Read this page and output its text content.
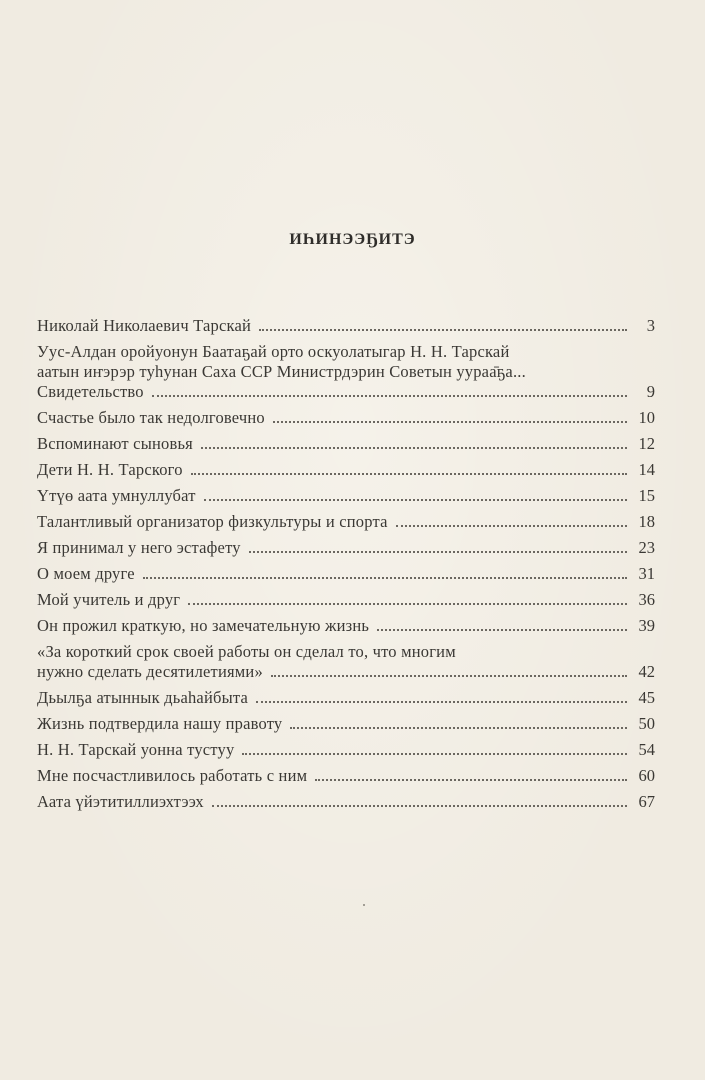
ИҺИНЭЭҔИТЭ
Николай Николаевич Тарскай	3
Уус-Алдан оройуонун Баатаҕай орто оскуолатыгар Н. Н. Тарскай
аатын иҥэрэр туһунан Саха ССР Министрдэрин Советын уураа̄ҕа...
Свидетельство	9
Счастье было так недолговечно	10
Вспоминают сыновья	12
Дети Н. Н. Тарского	14
Үтүө аата умнуллубат	15
Талантливый организатор физкультуры и спорта	18
Я принимал у него эстафету	23
О моем друге	31
Мой учитель и друг	36
Он прожил краткую, но замечательную жизнь	39
«За короткий срок своей работы он сделал то, что многим
нужно сделать десятилетиями»	42
Дьылҕа атыннык дьаһайбыта	45
Жизнь подтвердила нашу правоту	50
Н. Н. Тарскай уонна тустуу	54
Мне посчастливилось работать с ним	60
Аата үйэтитиллиэхтээх	67
